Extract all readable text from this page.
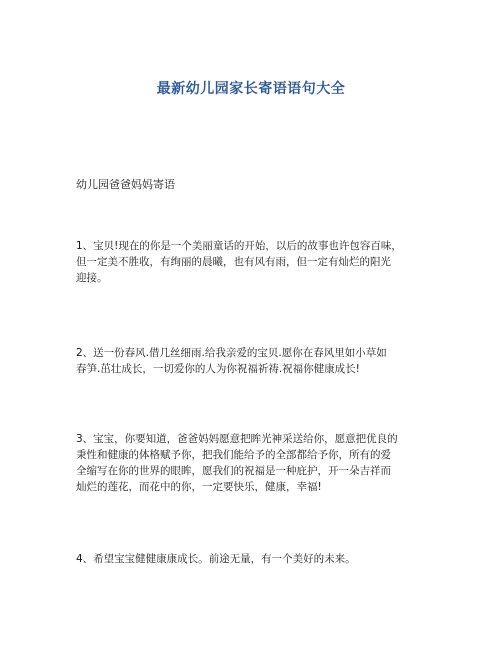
最新幼儿园家长寄语语句大全
幼儿园爸爸妈妈寄语
1、宝贝!现在的你是一个美丽童话的开始，以后的故事也许包容百味，
但一定美不胜收，有绚丽的晨曦，也有风有雨，但一定有灿烂的阳光
迎接。
2、送一份春风.借几丝细雨.给我亲爱的宝贝.愿你在春风里如小草如
春笋.茁壮成长，一切爱你的人为你祝福祈祷.祝福你健康成长!
3、宝宝，你要知道，爸爸妈妈愿意把眸光神采送给你，愿意把优良的
秉性和健康的体格赋予你，把我们能给予的全部都给予你，所有的爱
全缩写在你的世界的眼眸，愿我们的祝福是一种庇护，开一朵吉祥而
灿烂的莲花，而花中的你，一定要快乐，健康，幸福!
4、希望宝宝健健康康成长。前途无量，有一个美好的未来。
